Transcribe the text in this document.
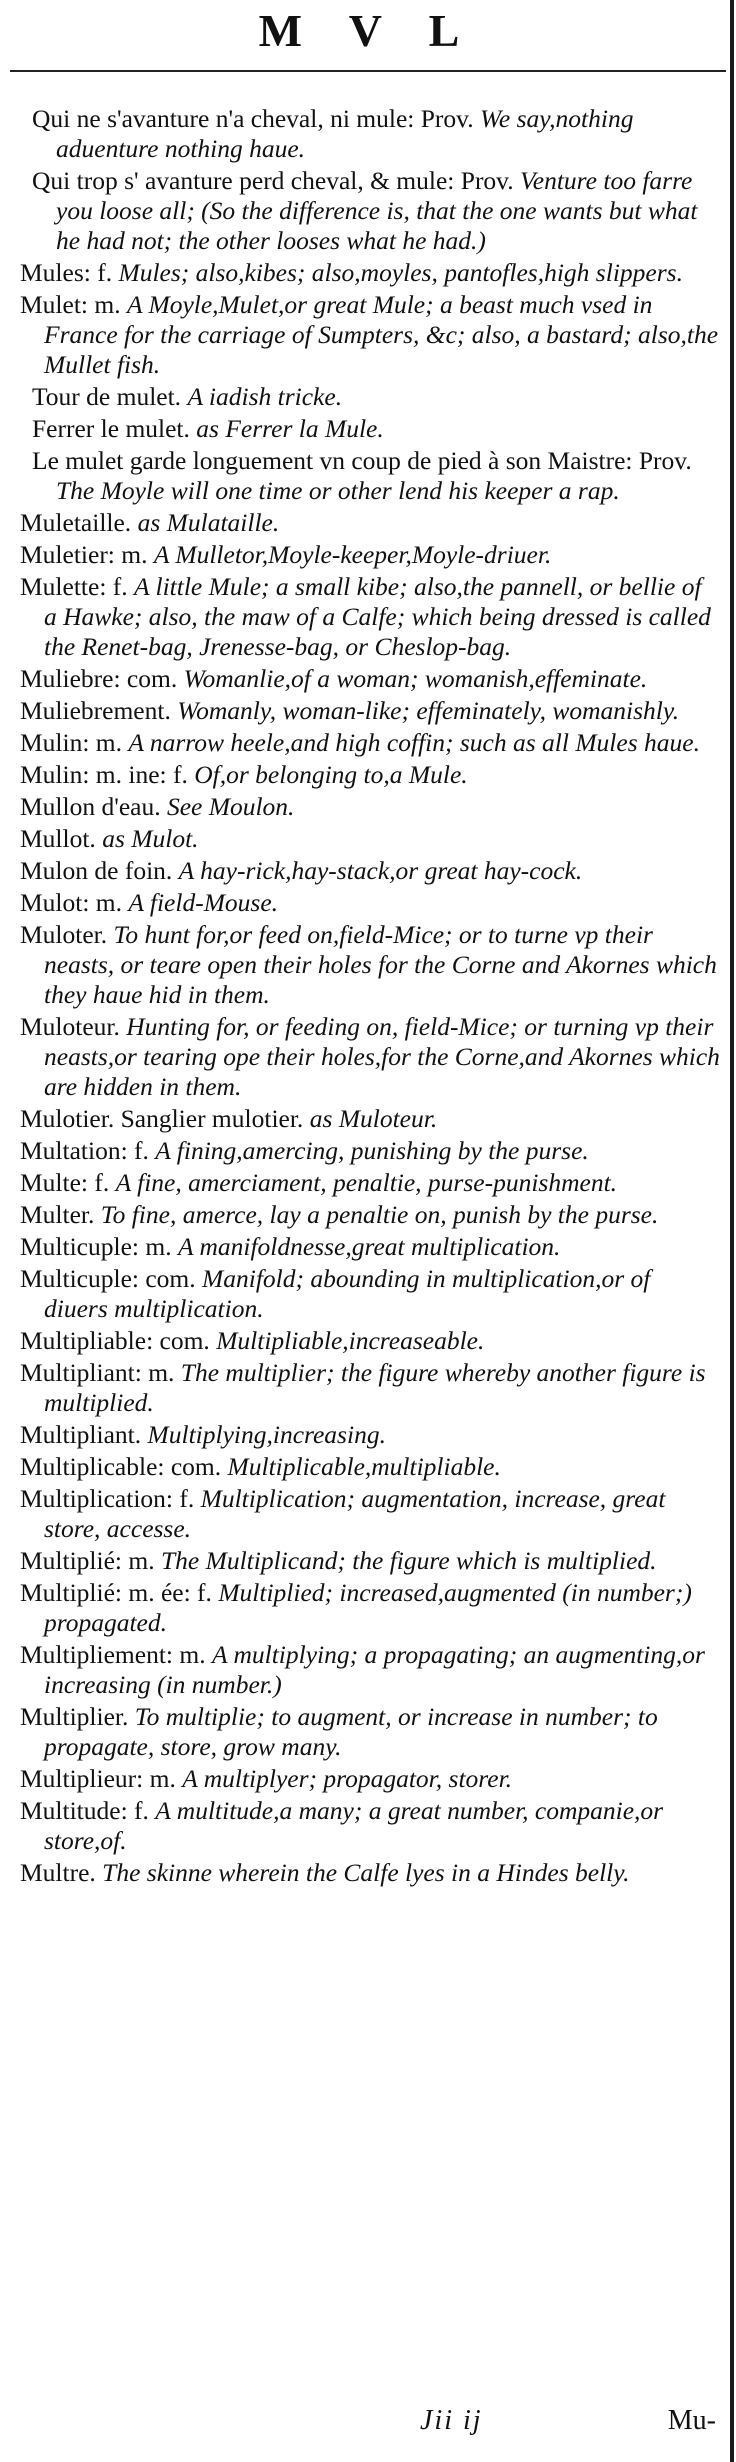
M V L
Qui ne s'avanture n'a cheval, ni mule: Prov. We say,nothing aduenture nothing haue.
Qui trop s' avanture perd cheval, & mule: Prov. Venture too farre you loose all; (So the difference is, that the one wants but what he had not; the other looses what he had.)
Mules: f. Mules; also,kibes; also,moyles, pantofles,high slippers.
Mulet: m. A Moyle,Mulet,or great Mule; a beast much vsed in France for the carriage of Sumpters, &c; also, a bastard; also,the Mullet fish.
Tour de mulet. A iadish tricke.
Ferrer le mulet. as Ferrer la Mule.
Le mulet garde longuement vn coup de pied à son Maistre: Prov. The Moyle will one time or other lend his keeper a rap.
Muletaille. as Mulataille.
Muletier: m. A Mulletor,Moyle-keeper,Moyle-driuer.
Mulette: f. A little Mule; a small kibe; also,the pannell, or bellie of a Hawke; also, the maw of a Calfe; which being dressed is called the Renet-bag, Jrenesse-bag, or Cheslop-bag.
Muliebre: com. Womanlie,of a woman; womanish,effeminate.
Muliebrement. Womanly, woman-like; effeminately, womanishly.
Mulin: m. A narrow heele,and high coffin; such as all Mules haue.
Mulin: m. ine: f. Of,or belonging to,a Mule.
Mullon d'eau. See Moulon.
Mullot. as Mulot.
Mulon de foin. A hay-rick,hay-stack,or great hay-cock.
Mulot: m. A field-Mouse.
Muloter. To hunt for,or feed on,field-Mice; or to turne vp their neasts, or teare open their holes for the Corne and Akornes which they haue hid in them.
Muloteur. Hunting for, or feeding on, field-Mice; or turning vp their neasts,or tearing ope their holes,for the Corne,and Akornes which are hidden in them.
Mulotier. Sanglier mulotier. as Muloteur.
Multation: f. A fining,amercing, punishing by the purse.
Multe: f. A fine, amerciament, penaltie, purse-punishment.
Multer. To fine, amerce, lay a penaltie on, punish by the purse.
Multicuple: m. A manifoldnesse,great multiplication.
Multicuple: com. Manifold; abounding in multiplication,or of diuers multiplication.
Multipliable: com. Multipliable,increaseable.
Multipliant: m. The multiplier; the figure whereby another figure is multiplied.
Multipliant. Multiplying,increasing.
Multiplicable: com. Multiplicable,multipliable.
Multiplication: f. Multiplication; augmentation, increase, great store, accesse.
Multiplié: m. The Multiplicand; the figure which is multiplied.
Multiplié: m. ée: f. Multiplied; increased,augmented (in number;) propagated.
Multipliement: m. A multiplying; a propagating; an augmenting,or increasing (in number.)
Multiplier. To multiplie; to augment, or increase in number; to propagate, store, grow many.
Multiplieur: m. A multiplyer; propagator, storer.
Multitude: f. A multitude,a many; a great number, companie,or store,of.
Multre. The skinne wherein the Calfe lyes in a Hindes belly.
Jii ij	Mu-
